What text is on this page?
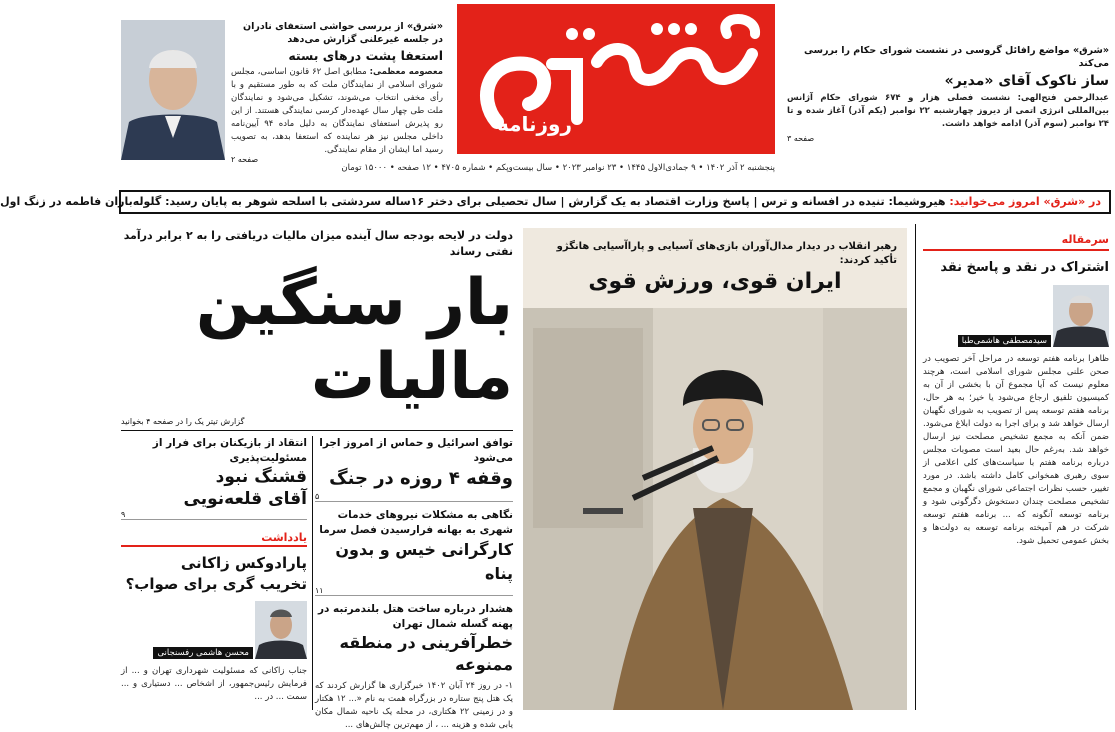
روزنامه
پنجشنبه ۲ آذر ۱۴۰۲ • ۹ جمادی‌الاول ۱۴۴۵ • ۲۳ نوامبر ۲۰۲۳ • سال بیست‌وپکم • شماره ۴۷۰۵ • ۱۲ صفحه • ۱۵۰۰۰ تومان
«شرق» مواضع رافائل گروسی در نشست شورای حکام را بررسی می‌کند
ساز ناکوک آقای «مدیر»
عبدالرحمن فتح‌الهی: نشست فصلی هزار و ۶۷۴ شورای حکام آژانس بین‌المللی انرژی اتمی از دیروز چهارشنبه ۲۲ نوامبر (یکم آذر) آغاز شده و تا ۲۴ نوامبر (سوم آذر) ادامه خواهد داشت.
صفحه ۳
«شرق» از بررسی حواشی استعفای نادران در جلسه غیرعلنی گزارش می‌دهد
استعفا پشت درهای بسته
معصومه معظمی: مطابق اصل ۶۲ قانون اساسی، مجلس شورای اسلامی از نمایندگان ملت که به طور مستقیم و با رأی مخفی انتخاب می‌شوند، تشکیل می‌شود و نمایندگان ملت طی چهار سال عهده‌دار کرسی نمایندگی هستند. از این رو پذیرش استعفای نمایندگان به دلیل ماده ۹۴ آیین‌نامه داخلی مجلس نیز هر نماینده که استعفا بدهد، به تصویب رسید اما ایشان از مقام نمایندگی.
صفحه ۲
در «شرق» امروز می‌خوانید: هیروشیما: تنیده در افسانه و ترس | پاسخ وزارت اقتصاد به یک گزارش | سال تحصیلی برای دختر ۱۶ساله سردشتی با اسلحه شوهر به پایان رسید: گلوله‌باران فاطمه در زنگ اول
سرمقاله
اشتراک در نقد و پاسخ نقد
سیدمصطفی هاشمی‌طبا
ظاهرا برنامه هفتم توسعه در مراحل آخر تصویب در صحن علنی مجلس شورای اسلامی است، هرچند معلوم نیست که آیا مجموع آن با بخشی از آن به کمیسیون تلفیق ارجاع می‌شود یا خیر؛ به هر حال، برنامه هفتم توسعه پس از تصویب به شورای نگهبان ارسال خواهد شد و برای اجرا به دولت ابلاغ می‌شود. ضمن آنکه به مجمع تشخیص مصلحت نیز ارسال خواهد شد. به‌رغم حال بعید است مصوبات مجلس درباره برنامه هفتم با سیاست‌های کلی اعلامی از سوی رهبری همخوانی کامل داشته باشد. در مورد تغییر، حسب نظرات اجتماعی شورای نگهبان و مجمع تشخیص مصلحت چندان دستخوش دگرگونی شود و برنامه توسعه آنگونه که ... برنامه هفتم توسعه شرکت در هم آمیخته برنامه توسعه به دولت‌ها و بخش عمومی تحمیل شود.
رهبر انقلاب در دیدار مدال‌آوران بازی‌های آسیایی و پاراآسیایی هانگژو تأکید کردند:
ایران قوی، ورزش قوی
دولت در لایحه بودجه سال آینده میزان مالیات دریافتی را به ۲ برابر درآمد نفتی رساند
بار سنگین
مالیات
گزارش تیتر یک را در صفحه ۴ بخوانید
توافق اسرائیل و حماس از امروز اجرا می‌شود
وقفه ۴ روزه در جنگ
۵
نگاهی به مشکلات نیروهای خدمات شهری به بهانه فرارسیدن فصل سرما
کارگرانی خیس و بدون پناه
۱۱
هشدار درباره ساخت هتل بلندمرتبه در پهنه گسله شمال تهران
خطرآفرینی در منطقه ممنوعه
۱- در روز ۲۴ آبان ۱۴۰۲ خبرگزاری ها گزارش کردند که یک هتل پنج ستاره در بزرگراه همت به نام «... ۱۲ هکتار و در زمینی ۲۲ هکتاری، در محله یک ناحیه شمال مکان یابی شده و هزینه ... ، از مهم‌ترین چالش‌های ...
انتقاد از بازیکنان برای فرار از مسئولیت‌پذیری
قشنگ نبود
آقای قلعه‌نویی
۹
یادداشت
پارادوکس زاکانی
تخریب گری برای صواب؟
محسن هاشمی رفسنجانی
جناب زاکانی که مسئولیت شهرداری تهران و ... از فرمایش رئیس‌جمهور، از اشخاص ... دستیاری و ... سمت ... در ...
